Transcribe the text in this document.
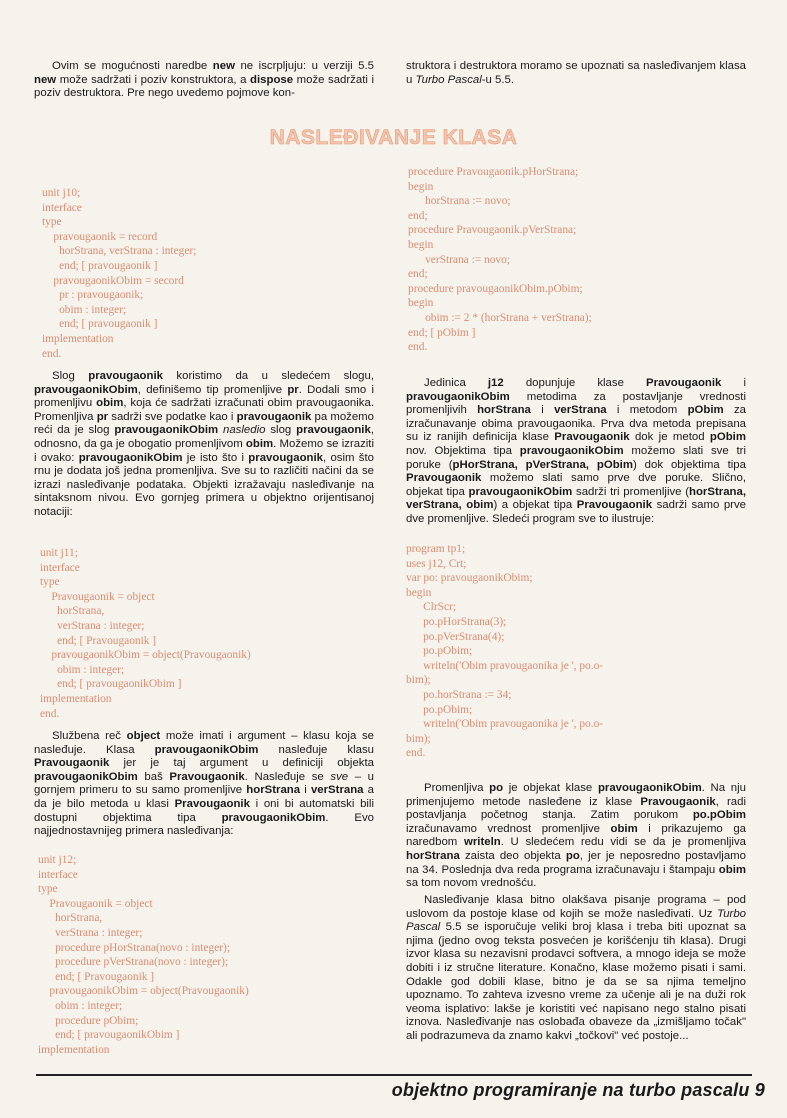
Ovim se mogućnosti naredbe new ne iscrpljuju: u verziji 5.5 new može sadržati i poziv konstruktora, a dispose može sadržati i poziv destruktora. Pre nego uvedemo pojmove kon-

struktora i destruktora moramo se upoznati sa nasleđivanjem klasa u Turbo Pascal-u 5.5.

NASLEĐIVANJE KLASA
unit j10;
interface
type
pravougaonik = record
horStrana, verStrana : integer;
end; [ pravougaonik ]
pravougaonikObim = secord
pr : pravougaonik;
obim : integer;
end; [ pravougaonik ]
implementation
end.

Slog pravougaonik koristimo da u sledećem slogu, pravougaonikObim, definišemo tip promenljive pr. Dodali smo i promenljivu obim, koja će sadržati izračunati obim pravougaonika. Promenljiva pr sadrži sve podatke kao i pravougaonik pa možemo reći da je slog pravougaonikObim nasledio slog pravougaonik, odnosno, da ga je obogatio promenljivom obim. Možemo se izraziti i ovako: pravougaonikObim je isto što i pravougaonik, osim što rnu je dodata još jedna promenljiva. Sve su to različiti načini da se izrazi nasleđivanje podataka. Objekti izražavaju nasleđivanje na sintaksnom nivou. Evo gornjeg primera u objektno orijentisanoj notaciji:

unit j11;
interface
type
Pravougaonik = object
horStrana,
verStrana : integer;
end; [ Pravougaonik ]
pravougaonikObim = object(Pravougaonik)
obim : integer;
end; [ pravougaonikObim ]
implementation
end.

Službena reč object može imati i argument – klasu koja se nasleđuje. Klasa pravougaonikObim nasleđuje klasu Pravougaonik jer je taj argument u definiciji objekta pravougaonikObim baš Pravougaonik. Nasleđuje se sve – u gornjem primeru to su samo promenljive horStrana i verStrana a da je bilo metoda u klasi Pravougaonik i oni bi automatski bili dostupni objektima tipa pravougaonikObim. Evo najjednostavnijeg primera nasleđivanja:

unit j12;
interface
type
Pravougaonik = object
horStrana,
verStrana : integer;
procedure pHorStrana(novo : integer);
procedure pVerStrana(novo : integer);
end; [ Pravougaonik ]
pravougaonikObim = object(Pravougaonik)
obim : integer;
procedure pObim;
end; [ pravougaonikObim ]
implementation
procedure Pravougaonik.pHorStrana;
begin
horStrana := novo;
end;
procedure Pravougaonik.pVerStrana;
begin
verStrana := novo;
end;
procedure pravougaonikObim.pObim;
begin
obim := 2 * (horStrana + verStrana);
end; [ pObim ]
end.

Jedinica j12 dopunjuje klase Pravougaonik i pravougaonikObim metodima za postavljanje vrednosti promenljivih horStrana i verStrana i metodom pObim za izračunavanje obima pravougaonika. Prva dva metoda prepisana su iz ranijih definicija klase Pravougaonik dok je metod pObim nov. Objektima tipa pravougaonikObim možemo slati sve tri poruke (pHorStrana, pVerStrana, pObim) dok objektima tipa Pravougaonik možemo slati samo prve dve poruke. Slično, objekat tipa pravougaonikObim sadrži tri promenljive (horStrana, verStrana, obim) a objekat tipa Pravougaonik sadrži samo prve dve promenljive. Sledeći program sve to ilustruje:

program tp1;
uses j12, Crt;
var po: pravougaonikObim;
begin
ClrScr;
po.pHorStrana(3);
po.pVerStrana(4);
po.pObim;
writeln('Obim pravougaonika je ', po.o-
bim);
po.horStrana := 34;
po.pObim;
writeln('Obim pravougaonika je ', po.o-
bim);
end.

Promenljiva po je objekat klase pravougaonikObim. Na nju primenjujemo metode nasleđene iz klase Pravougaonik, radi postavljanja početnog stanja. Zatim porukom po.pObim izračunavamo vrednost promenljive obim i prikazujemo ga naredbom writeln. U sledećem redu vidi se da je promenljiva horStrana zaista deo objekta po, jer je neposredno postavljamo na 34. Poslednja dva reda programa izračunavaju i štampaju obim sa tom novom vrednošću.

Nasleđivanje klasa bitno olakšava pisanje programa – pod uslovom da postoje klase od kojih se može nasleđivati. Uz Turbo Pascal 5.5 se isporučuje veliki broj klasa i treba biti upoznat sa njima (jedno ovog teksta posvećen je korišćenju tih klasa). Drugi izvor klasa su nezavisni prodavci softvera, a mnogo ideja se može dobiti i iz stručne literature. Konačno, klase možemo pisati i sami. Odakle god dobili klase, bitno je da se sa njima temeljno upoznamo. To zahteva izvesno vreme za učenje ali je na duži rok veoma isplativo: lakše je koristiti već napisano nego stalno pisati iznova. Nasleđivanje nas oslobađa obaveze da „izmišljamo točak" ali podrazumeva da znamo kakvi „točkovi" već postoje...

objektno programiranje na turbo pascalu 9
